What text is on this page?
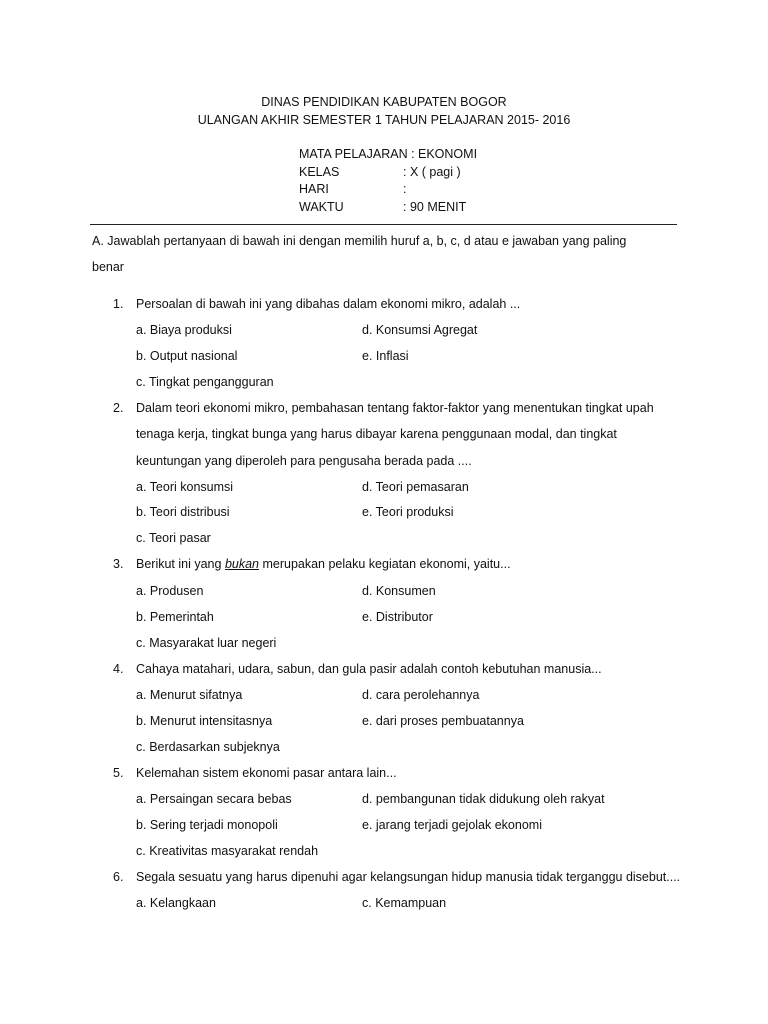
DINAS PENDIDIKAN KABUPATEN BOGOR
ULANGAN AKHIR SEMESTER 1 TAHUN PELAJARAN 2015- 2016
MATA PELAJARAN : EKONOMI
KELAS	: X ( pagi )
HARI	:
WAKTU	: 90 MENIT
A. Jawablah pertanyaan di bawah ini dengan memilih huruf a, b, c, d atau e jawaban yang paling
benar
1.	Persoalan di bawah ini yang dibahas dalam ekonomi mikro, adalah ...
a. Biaya produksi	d. Konsumsi Agregat
b. Output nasional	e. Inflasi
c. Tingkat pengangguran
2.	Dalam teori ekonomi mikro, pembahasan tentang faktor-faktor yang menentukan tingkat upah
tenaga kerja, tingkat bunga yang harus dibayar karena penggunaan modal, dan tingkat
keuntungan yang diperoleh para pengusaha berada pada ....
a. Teori konsumsi	d. Teori pemasaran
b. Teori distribusi	e. Teori produksi
c. Teori pasar
3.	Berikut ini yang bukan merupakan pelaku kegiatan ekonomi, yaitu...
a. Produsen	d. Konsumen
b. Pemerintah	e. Distributor
c. Masyarakat luar negeri
4.	Cahaya matahari, udara, sabun, dan gula pasir adalah contoh kebutuhan manusia...
a. Menurut sifatnya	d. cara perolehannya
b. Menurut intensitasnya	e. dari proses pembuatannya
c. Berdasarkan subjeknya
5.	Kelemahan sistem ekonomi pasar antara lain...
a. Persaingan secara bebas	d. pembangunan tidak didukung oleh rakyat
b. Sering terjadi monopoli	e. jarang terjadi gejolak ekonomi
c. Kreativitas masyarakat rendah
6.	Segala sesuatu yang harus dipenuhi agar kelangsungan hidup manusia tidak terganggu disebut....
a. Kelangkaan	c. Kemampuan
